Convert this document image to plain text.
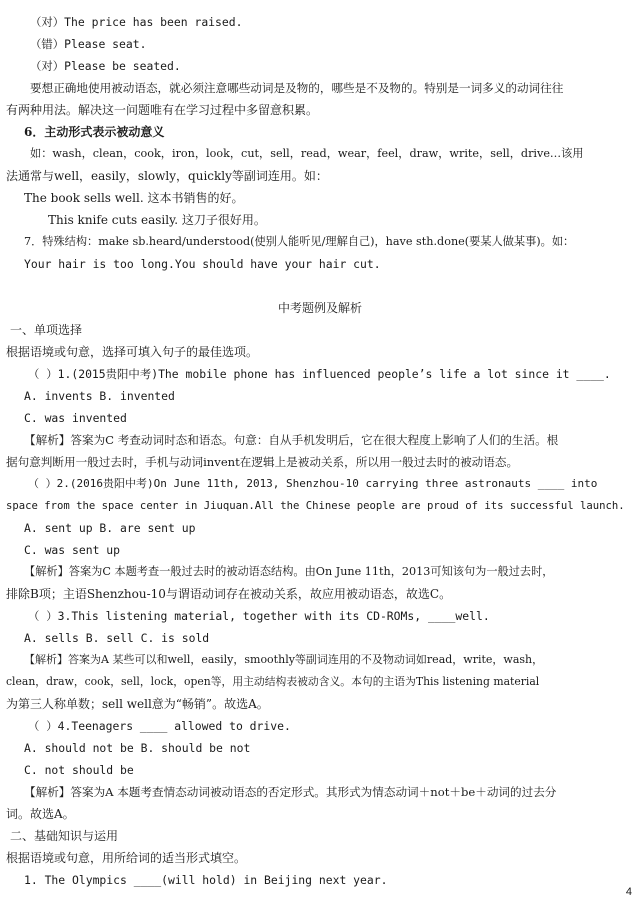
（对）The price has been raised.
（错）Please seat.
（对）Please be seated.
要想正确地使用被动语态，就必须注意哪些动词是及物的，哪些是不及物的。特别是一词多义的动词往往
有两种用法。解决这一问题唯有在学习过程中多留意积累。
6．主动形式表示被动意义
如：wash，clean，cook，iron，look，cut，sell，read，wear，feel，draw，write，sell，drive…该用
法通常与well，easily，slowly，quickly等副词连用。如：
The book sells well. 这本书销售的好。
This knife cuts easily. 这刀子很好用。
7．特殊结构：make sb.heard/understood(使别人能听见/理解自己)，have sth.done(要某人做某事)。如：
Your hair is too long.You should have your hair cut.
中考题例及解析
一、单项选择
根据语境或句意，选择可填入句子的最佳选项。
（ ）1.(2015贵阳中考)The mobile phone has influenced people’s life a lot since it ____.
A. invents B. invented
C. was invented
【解析】答案为C 考查动词时态和语态。句意：自从手机发明后，它在很大程度上影响了人们的生活。根
据句意判断用一般过去时，手机与动词invent在逻辑上是被动关系，所以用一般过去时的被动语态。
（ ）2.(2016贵阳中考)On June 11th, 2013, Shenzhou-10 carrying three astronauts ____ into
space from the space center in Jiuquan.All the Chinese people are proud of its successful launch.
A. sent up B. are sent up
C. was sent up
【解析】答案为C 本题考查一般过去时的被动语态结构。由On June 11th，2013可知该句为一般过去时，
排除B项；主语Shenzhou-10与谓语动词存在被动关系，故应用被动语态，故选C。
（ ）3.This listening material, together with its CD-ROMs, ____well.
A. sells B. sell C. is sold
【解析】答案为A 某些可以和well，easily，smoothly等副词连用的不及物动词如read，write，wash，
clean，draw，cook，sell，lock，open等，用主动结构表被动含义。本句的主语为This listening material
为第三人称单数；sell well意为“畅销”。故选A。
（ ）4.Teenagers ____ allowed to drive.
A. should not be B. should be not
C. not should be
【解析】答案为A 本题考查情态动词被动语态的否定形式。其形式为情态动词＋not＋be＋动词的过去分
词。故选A。
二、基础知识与运用
根据语境或句意，用所给词的适当形式填空。
1. The Olympics ____(will hold) in Beijing next year.
4
